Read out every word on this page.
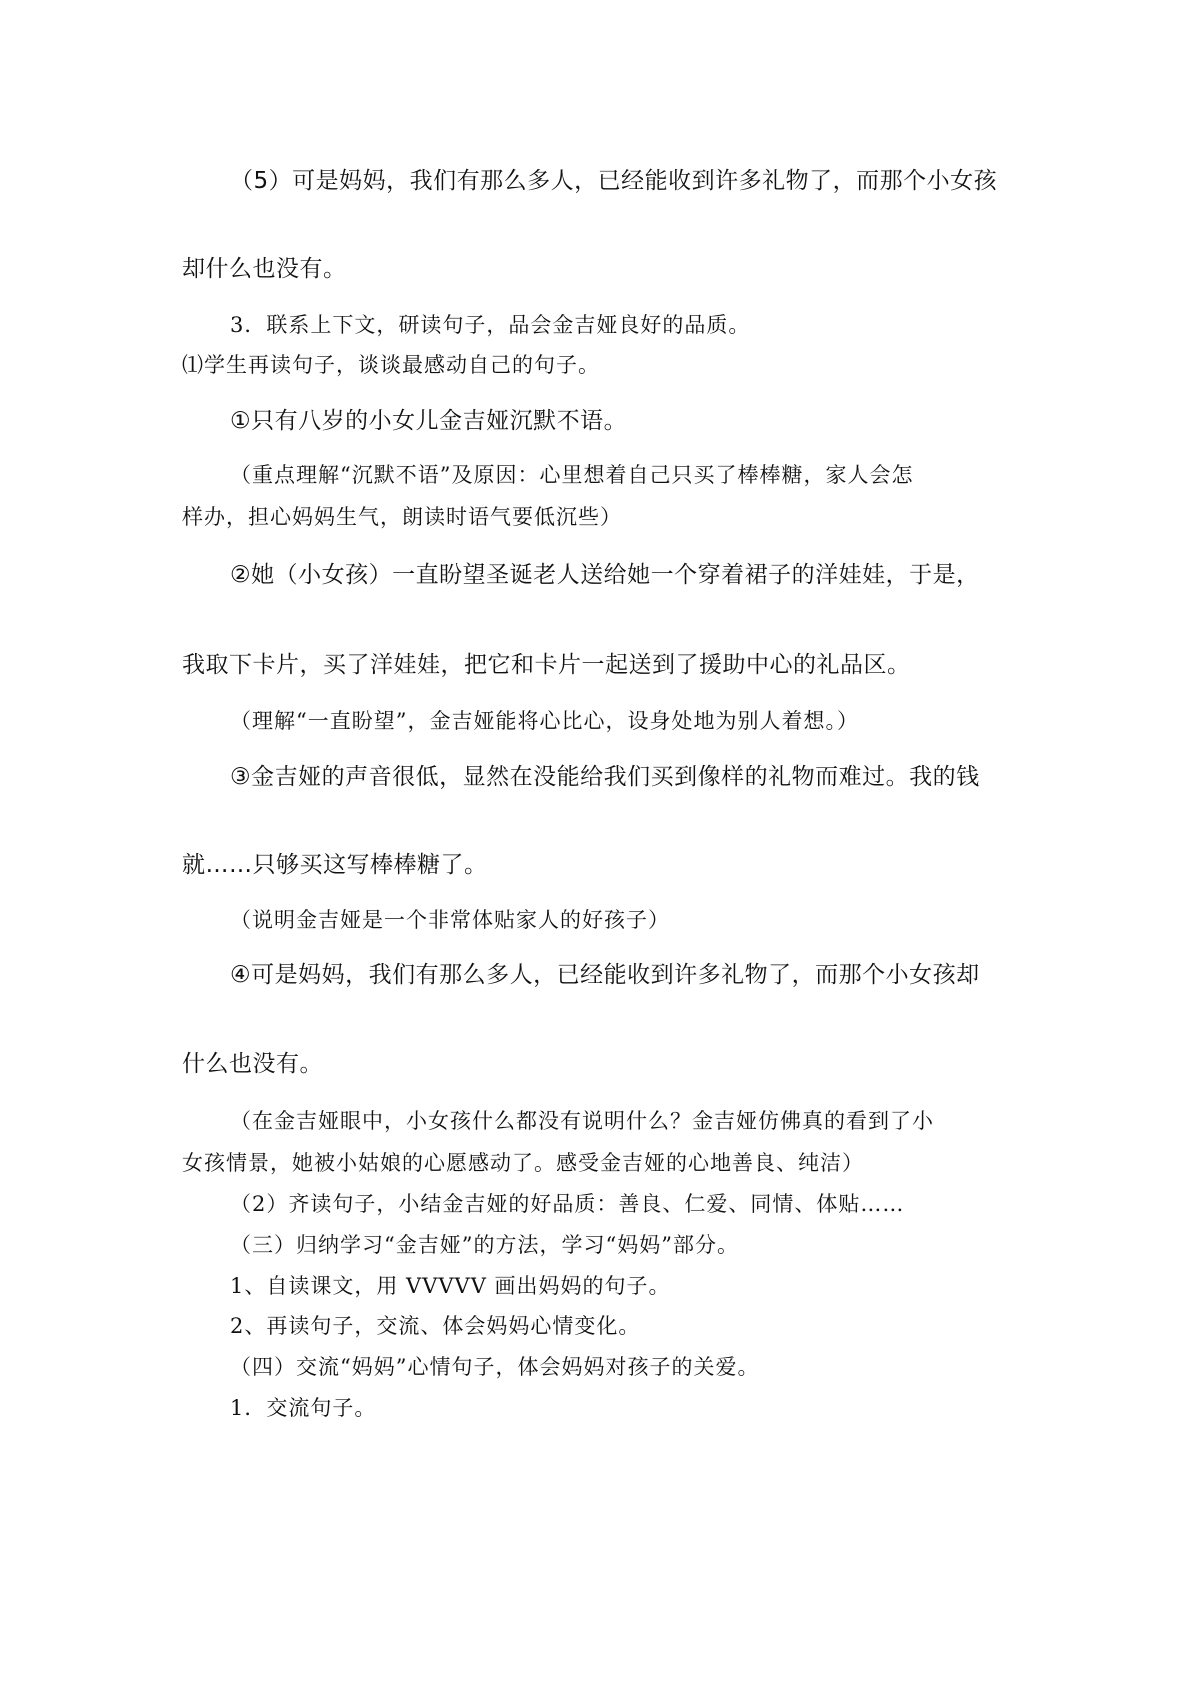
（5）可是妈妈，我们有那么多人，已经能收到许多礼物了，而那个小女孩

却什么也没有。

3．联系上下文，研读句子，品会金吉娅良好的品质。

⑴学生再读句子，谈谈最感动自己的句子。

①只有八岁的小女儿金吉娅沉默不语。

（重点理解“沉默不语”及原因：心里想着自己只买了棒棒糖，家人会怎

样办，担心妈妈生气，朗读时语气要低沉些）

②她（小女孩）一直盼望圣诞老人送给她一个穿着裙子的洋娃娃，于是，

我取下卡片，买了洋娃娃，把它和卡片一起送到了援助中心的礼品区。

（理解“一直盼望”，金吉娅能将心比心，设身处地为别人着想。）

③金吉娅的声音很低，显然在没能给我们买到像样的礼物而难过。我的钱

就……只够买这写棒棒糖了。

（说明金吉娅是一个非常体贴家人的好孩子）

④可是妈妈，我们有那么多人，已经能收到许多礼物了，而那个小女孩却

什么也没有。

（在金吉娅眼中，小女孩什么都没有说明什么？金吉娅仿佛真的看到了小

女孩情景，她被小姑娘的心愿感动了。感受金吉娅的心地善良、纯洁）

（2）齐读句子，小结金吉娅的好品质：善良、仁爱、同情、体贴……

（三）归纳学习“金吉娅”的方法，学习“妈妈”部分。

1、自读课文，用 VVVVV 画出妈妈的句子。

2、再读句子，交流、体会妈妈心情变化。

（四）交流“妈妈”心情句子，体会妈妈对孩子的关爱。

1．交流句子。
